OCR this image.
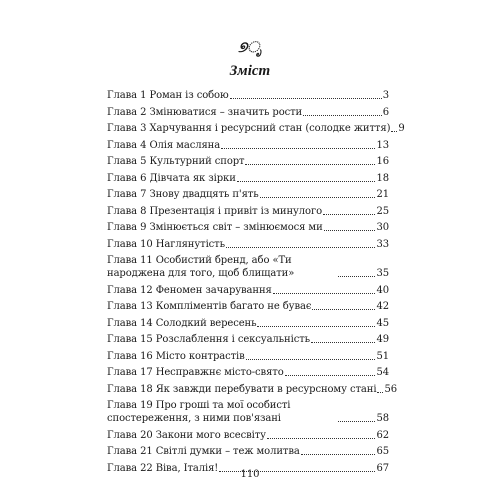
୭ೃ
Зміст
Глава 1 Роман із собою	3
Глава 2 Змінюватися – значить рости	6
Глава 3 Харчування і ресурсний стан (солодке життя) 9
Глава 4 Олія масляна	13
Глава 5 Культурний спорт	16
Глава 6 Дівчата як зірки	18
Глава 7 Знову двадцять п'ять	21
Глава 8 Презентація і привіт із минулого	25
Глава 9 Змінюється світ – змінюємося ми	30
Глава 10 Наглянутість	33
Глава 11 Особистий бренд, або «Ти народжена для того, щоб блищати»	35
Глава 12 Феномен зачарування	40
Глава 13 Компліментів багато не буває	42
Глава 14 Солодкий вересень	45
Глава 15 Розслаблення і сексуальність	49
Глава 16 Місто контрастів	51
Глава 17 Несправжнє місто-свято	54
Глава 18 Як завжди перебувати в ресурсному стані 56
Глава 19 Про гроші та мої особисті спостереження, з ними пов'язані	58
Глава 20 Закони мого всесвіту	62
Глава 21 Світлі думки – теж молитва	65
Глава 22 Віва, Італія!	67
110
